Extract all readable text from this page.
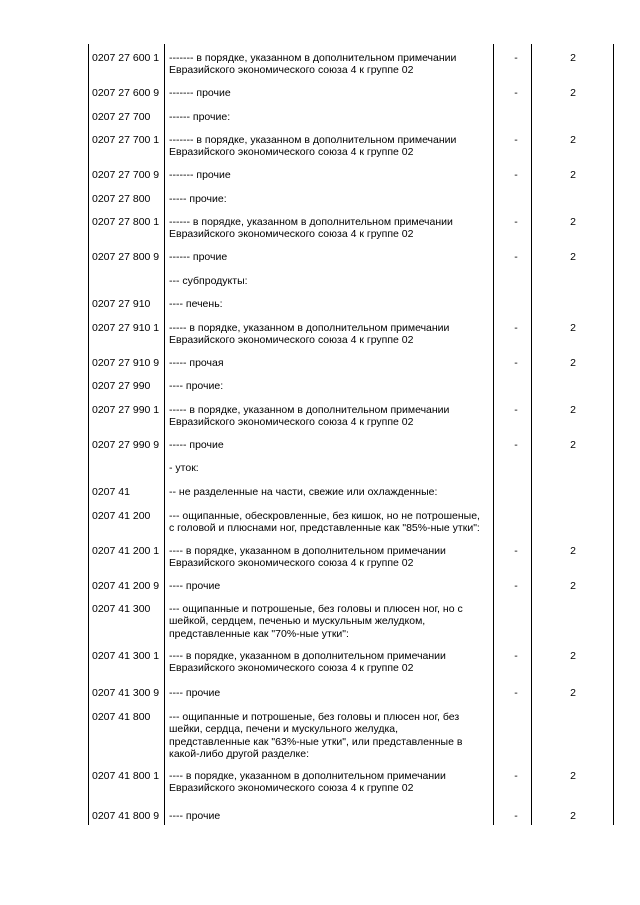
0207 27 600 1 ------- в порядке, указанном в дополнительном примечании
Евразийского экономического союза 4 к группе 02
-	2
0207 27 600 9 ------- прочие	-	2
0207 27 700	------ прочие:
0207 27 700 1 ------- в порядке, указанном в дополнительном примечании
Евразийского экономического союза 4 к группе 02
-	2
0207 27 700 9 ------- прочие	-	2
0207 27 800	----- прочие:
0207 27 800 1 ------ в порядке, указанном в дополнительном примечании
Евразийского экономического союза 4 к группе 02
-	2
0207 27 800 9 ------ прочие	-	2
--- субпродукты:
0207 27 910	---- печень:
0207 27 910 1 ----- в порядке, указанном в дополнительном примечании
Евразийского экономического союза 4 к группе 02
-	2
0207 27 910 9 ----- прочая	-	2
0207 27 990	---- прочие:
0207 27 990 1 ----- в порядке, указанном в дополнительном примечании
Евразийского экономического союза 4 к группе 02
-	2
0207 27 990 9 ----- прочие	-	2
- уток:
0207 41	-- не разделенные на части, свежие или охлажденные:
0207 41 200	--- ощипанные, обескровленные, без кишок, но не потрошеные,
с головой и плюснами ног, представленные как "85%-ные утки":
0207 41 200 1 ---- в порядке, указанном в дополнительном примечании
Евразийского экономического союза 4 к группе 02
-	2
0207 41 200 9 ---- прочие	-	2
0207 41 300	--- ощипанные и потрошеные, без головы и плюсен ног, но с
шейкой, сердцем, печенью и мускульным желудком,
представленные как "70%-ные утки":
0207 41 300 1 ---- в порядке, указанном в дополнительном примечании
Евразийского экономического союза 4 к группе 02
-	2
0207 41 300 9 ---- прочие	-	2
0207 41 800	--- ощипанные и потрошеные, без головы и плюсен ног, без
шейки, сердца, печени и мускульного желудка,
представленные как "63%-ные утки", или представленные в
какой-либо другой разделке:
0207 41 800 1 ---- в порядке, указанном в дополнительном примечании
Евразийского экономического союза 4 к группе 02
-	2
0207 41 800 9 ---- прочие	-	2
